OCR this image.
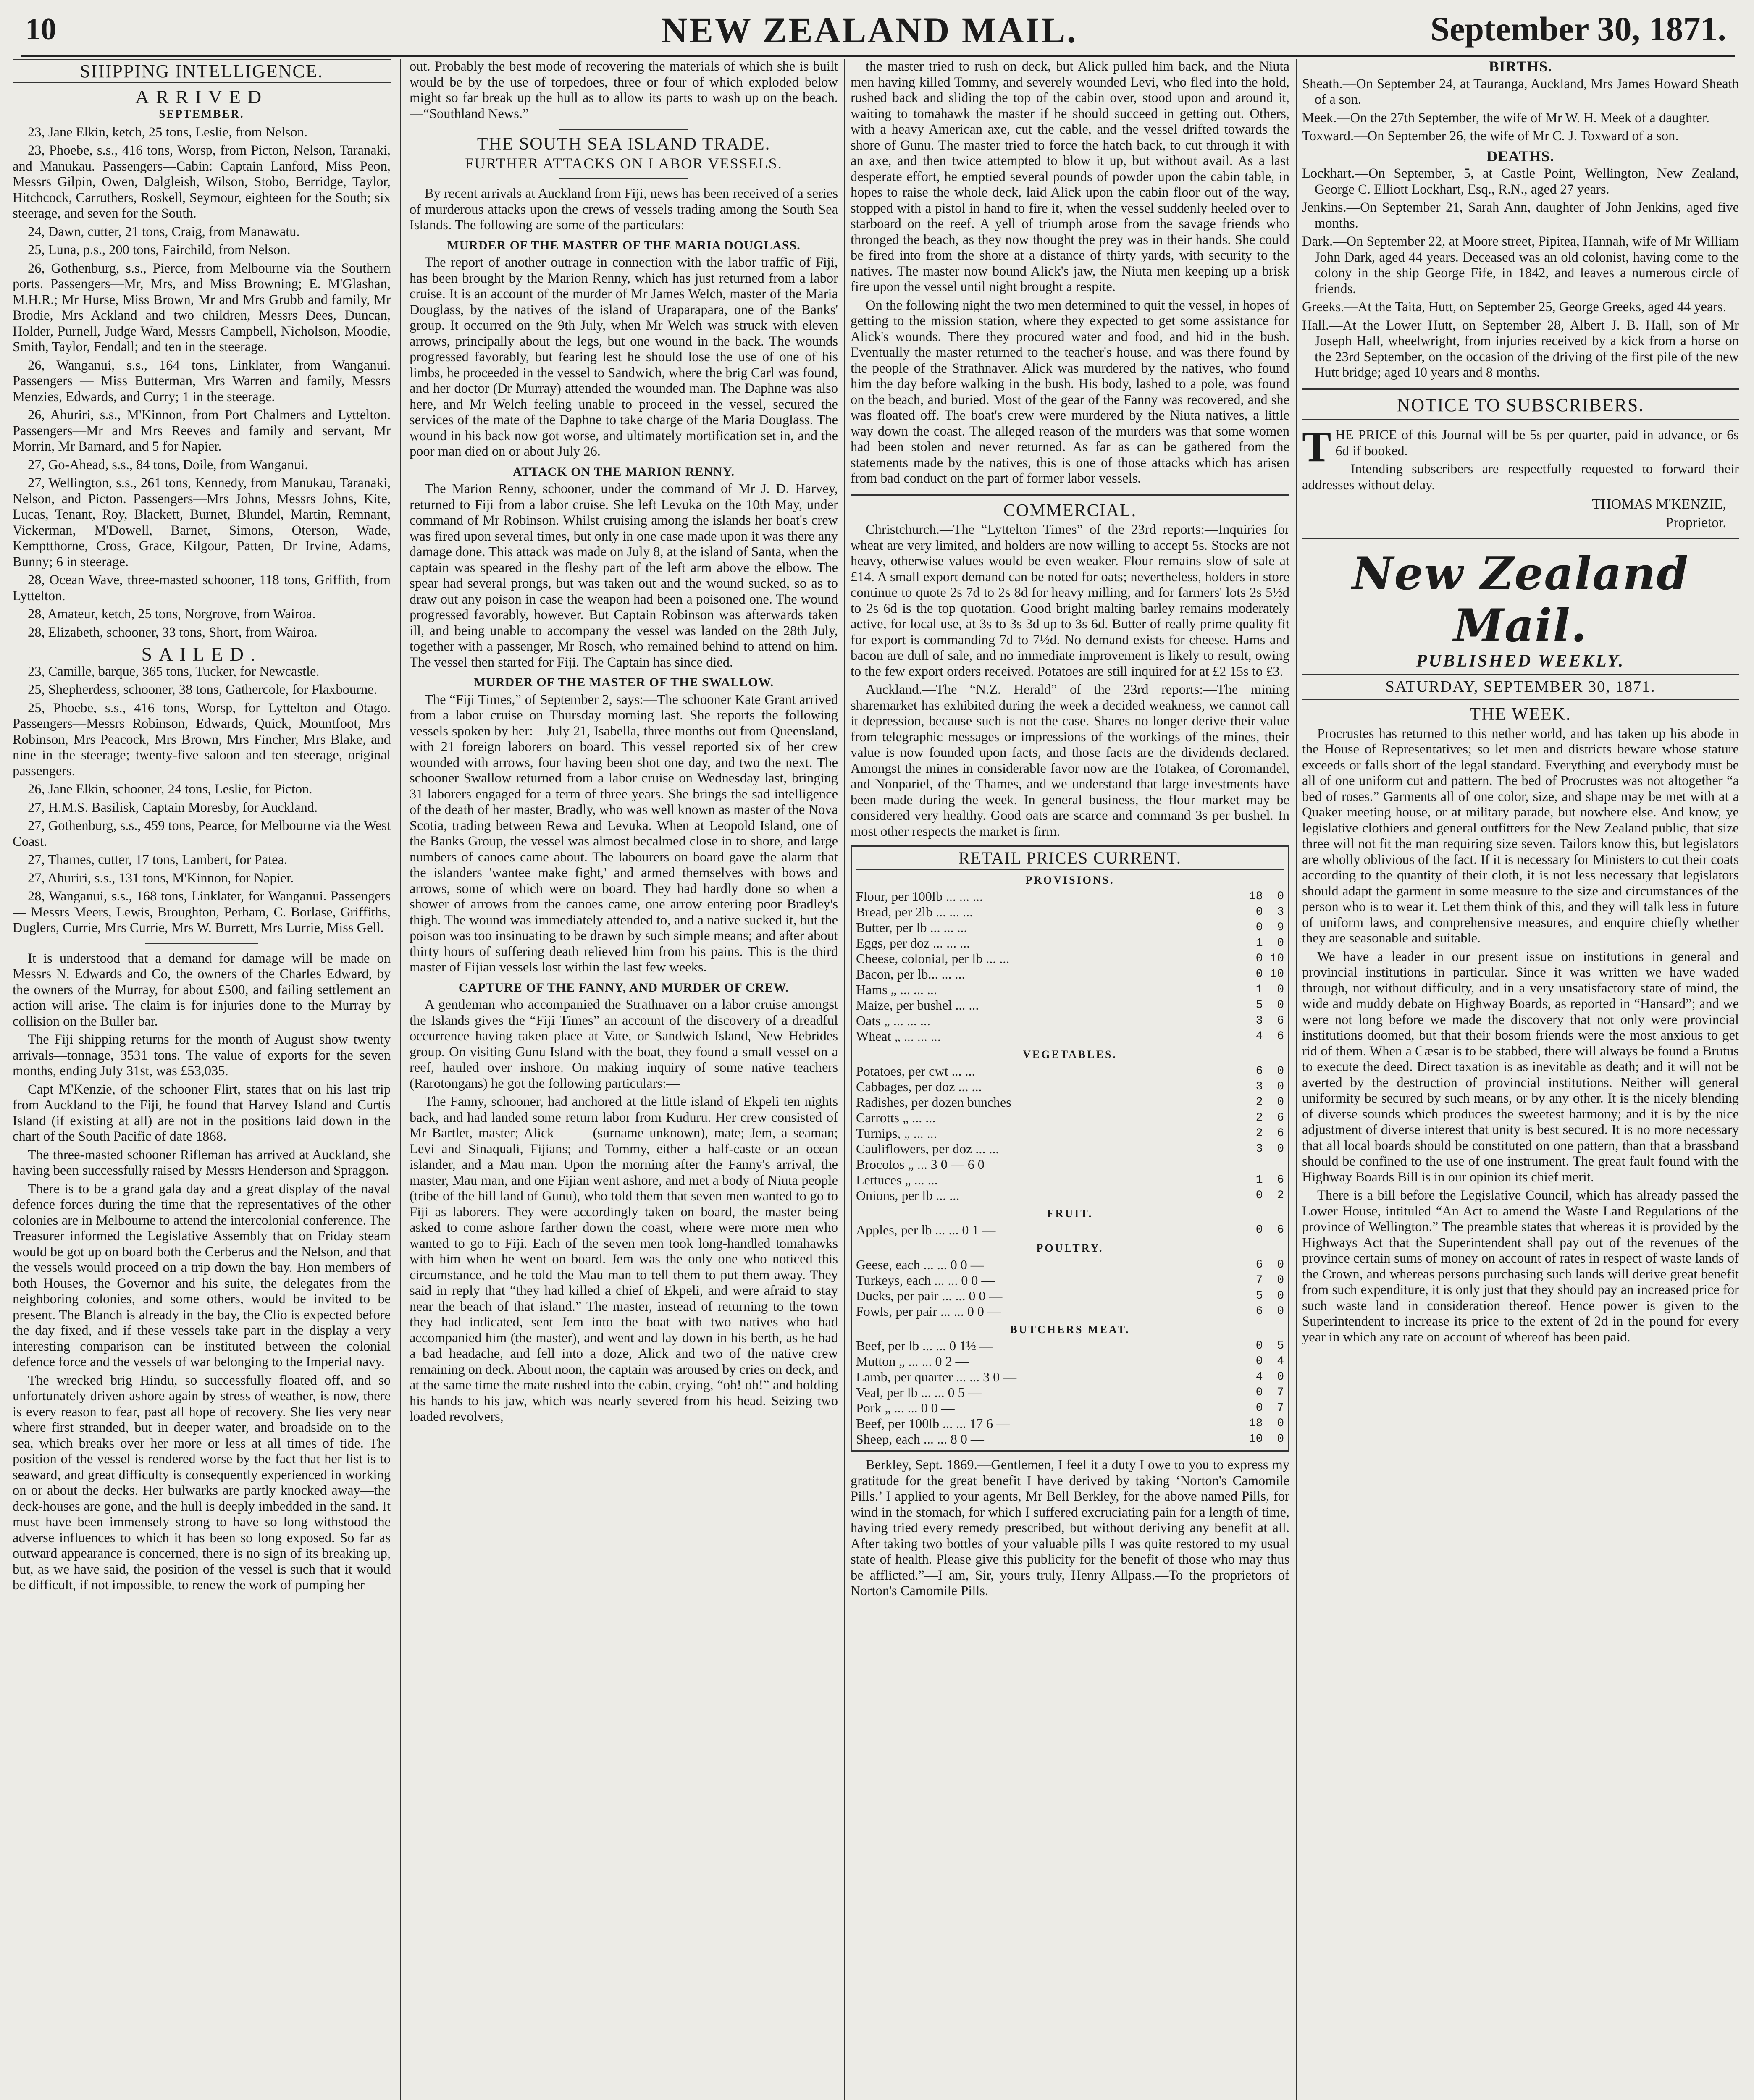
10	NEW ZEALAND MAIL.	September 30, 1871.
SHIPPING INTELLIGENCE.
ARRIVED
SEPTEMBER.

23, Jane Elkin, ketch, 25 tons, Leslie, from Nelson.

23, Phoebe, s.s., 416 tons, Worsp, from Picton, Nelson, Taranaki, and Manukau. Passengers—Cabin: Captain Lanford, Miss Peon, Messrs Gilpin, Owen, Dalgleish, Wilson, Stobo, Berridge, Taylor, Hitchcock, Carruthers, Roskell, Seymour, eighteen for the South; six steerage, and seven for the South.

24, Dawn, cutter, 21 tons, Craig, from Manawatu.

25, Luna, p.s., 200 tons, Fairchild, from Nelson.

26, Gothenburg, s.s., Pierce, from Melbourne via the Southern ports. Passengers—Mr, Mrs, and Miss Browning; E. M'Glashan, M.H.R.; Mr Hurse, Miss Brown, Mr and Mrs Grubb and family, Mr Brodie, Mrs Ackland and two children, Messrs Dees, Duncan, Holder, Purnell, Judge Ward, Messrs Campbell, Nicholson, Moodie, Smith, Taylor, Fendall; and ten in the steerage.

26, Wanganui, s.s., 164 tons, Linklater, from Wanganui. Passengers — Miss Butterman, Mrs Warren and family, Messrs Menzies, Edwards, and Curry; 1 in the steerage.

26, Ahuriri, s.s., M'Kinnon, from Port Chalmers and Lyttelton. Passengers—Mr and Mrs Reeves and family and servant, Mr Morrin, Mr Barnard, and 5 for Napier.

27, Go-Ahead, s.s., 84 tons, Doile, from Wanganui.

27, Wellington, s.s., 261 tons, Kennedy, from Manukau, Taranaki, Nelson, and Picton. Passengers—Mrs Johns, Messrs Johns, Kite, Lucas, Tenant, Roy, Blackett, Burnet, Blundel, Martin, Remnant, Vickerman, M'Dowell, Barnet, Simons, Oterson, Wade, Kemptthorne, Cross, Grace, Kilgour, Patten, Dr Irvine, Adams, Bunny; 6 in steerage.

28, Ocean Wave, three-masted schooner, 118 tons, Griffith, from Lyttelton.

28, Amateur, ketch, 25 tons, Norgrove, from Wairoa.

28, Elizabeth, schooner, 33 tons, Short, from Wairoa.

SAILED.

23, Camille, barque, 365 tons, Tucker, for Newcastle.

25, Shepherdess, schooner, 38 tons, Gathercole, for Flaxbourne.

25, Phoebe, s.s., 416 tons, Worsp, for Lyttelton and Otago. Passengers—Messrs Robinson, Edwards, Quick, Mountfoot, Mrs Robinson, Mrs Peacock, Mrs Brown, Mrs Fincher, Mrs Blake, and nine in the steerage; twenty-five saloon and ten steerage, original passengers.

26, Jane Elkin, schooner, 24 tons, Leslie, for Picton.

27, H.M.S. Basilisk, Captain Moresby, for Auckland.

27, Gothenburg, s.s., 459 tons, Pearce, for Melbourne via the West Coast.

27, Thames, cutter, 17 tons, Lambert, for Patea.

27, Ahuriri, s.s., 131 tons, M'Kinnon, for Napier.

28, Wanganui, s.s., 168 tons, Linklater, for Wanganui. Passengers — Messrs Meers, Lewis, Broughton, Perham, C. Borlase, Griffiths, Duglers, Currie, Mrs Currie, Mrs W. Burrett, Mrs Lurrie, Miss Gell.

It is understood that a demand for damage will be made on Messrs N. Edwards and Co, the owners of the Charles Edward, by the owners of the Murray, for about £500, and failing settlement an action will arise. The claim is for injuries done to the Murray by collision on the Buller bar.

The Fiji shipping returns for the month of August show twenty arrivals—tonnage, 3531 tons. The value of exports for the seven months, ending July 31st, was £53,035.

Capt M'Kenzie, of the schooner Flirt, states that on his last trip from Auckland to the Fiji, he found that Harvey Island and Curtis Island (if existing at all) are not in the positions laid down in the chart of the South Pacific of date 1868.

The three-masted schooner Rifleman has arrived at Auckland, she having been successfully raised by Messrs Henderson and Spraggon.

There is to be a grand gala day and a great display of the naval defence forces during the time that the representatives of the other colonies are in Melbourne to attend the intercolonial conference. The Treasurer informed the Legislative Assembly that on Friday steam would be got up on board both the Cerberus and the Nelson, and that the vessels would proceed on a trip down the bay. Hon members of both Houses, the Governor and his suite, the delegates from the neighboring colonies, and some others, would be invited to be present. The Blanch is already in the bay, the Clio is expected before the day fixed, and if these vessels take part in the display a very interesting comparison can be instituted between the colonial defence force and the vessels of war belonging to the Imperial navy.

The wrecked brig Hindu, so successfully floated off, and so unfortunately driven ashore again by stress of weather, is now, there is every reason to fear, past all hope of recovery. She lies very near where first stranded, but in deeper water, and broadside on to the sea, which breaks over her more or less at all times of tide. The position of the vessel is rendered worse by the fact that her list is to seaward, and great difficulty is consequently experienced in working on or about the decks. Her bulwarks are partly knocked away—the deck-houses are gone, and the hull is deeply imbedded in the sand. It must have been immensely strong to have so long withstood the adverse influences to which it has been so long exposed. So far as outward appearance is concerned, there is no sign of its breaking up, but, as we have said, the position of the vessel is such that it would be difficult, if not impossible, to renew the work of pumping her

out. Probably the best mode of recovering the materials of which she is built would be by the use of torpedoes, three or four of which exploded below might so far break up the hull as to allow its parts to wash up on the beach.—“Southland News.”

THE SOUTH SEA ISLAND TRADE.
FURTHER ATTACKS ON LABOR VESSELS.

By recent arrivals at Auckland from Fiji, news has been received of a series of murderous attacks upon the crews of vessels trading among the South Sea Islands. The following are some of the particulars:—

MURDER OF THE MASTER OF THE MARIA DOUGLASS.

The report of another outrage in connection with the labor traffic of Fiji, has been brought by the Marion Renny, which has just returned from a labor cruise. It is an account of the murder of Mr James Welch, master of the Maria Douglass, by the natives of the island of Uraparapara, one of the Banks' group. It occurred on the 9th July, when Mr Welch was struck with eleven arrows, principally about the legs, but one wound in the back. The wounds progressed favorably, but fearing lest he should lose the use of one of his limbs, he proceeded in the vessel to Sandwich, where the brig Carl was found, and her doctor (Dr Murray) attended the wounded man. The Daphne was also here, and Mr Welch feeling unable to proceed in the vessel, secured the services of the mate of the Daphne to take charge of the Maria Douglass. The wound in his back now got worse, and ultimately mortification set in, and the poor man died on or about July 26.

ATTACK ON THE MARION RENNY.

The Marion Renny, schooner, under the command of Mr J. D. Harvey, returned to Fiji from a labor cruise. She left Levuka on the 10th May, under command of Mr Robinson. Whilst cruising among the islands her boat's crew was fired upon several times, but only in one case made upon it was there any damage done. This attack was made on July 8, at the island of Santa, when the captain was speared in the fleshy part of the left arm above the elbow. The spear had several prongs, but was taken out and the wound sucked, so as to draw out any poison in case the weapon had been a poisoned one. The wound progressed favorably, however. But Captain Robinson was afterwards taken ill, and being unable to accompany the vessel was landed on the 28th July, together with a passenger, Mr Rosch, who remained behind to attend on him. The vessel then started for Fiji. The Captain has since died.

MURDER OF THE MASTER OF THE SWALLOW.

The “Fiji Times,” of September 2, says:—The schooner Kate Grant arrived from a labor cruise on Thursday morning last. She reports the following vessels spoken by her:—July 21, Isabella, three months out from Queensland, with 21 foreign laborers on board. This vessel reported six of her crew wounded with arrows, four having been shot one day, and two the next. The schooner Swallow returned from a labor cruise on Wednesday last, bringing 31 laborers engaged for a term of three years. She brings the sad intelligence of the death of her master, Bradly, who was well known as master of the Nova Scotia, trading between Rewa and Levuka. When at Leopold Island, one of the Banks Group, the vessel was almost becalmed close in to shore, and large numbers of canoes came about. The labourers on board gave the alarm that the islanders 'wantee make fight,' and armed themselves with bows and arrows, some of which were on board. They had hardly done so when a shower of arrows from the canoes came, one arrow entering poor Bradley's thigh. The wound was immediately attended to, and a native sucked it, but the poison was too insinuating to be drawn by such simple means; and after about thirty hours of suffering death relieved him from his pains. This is the third master of Fijian vessels lost within the last few weeks.

CAPTURE OF THE FANNY, AND MURDER OF CREW.

A gentleman who accompanied the Strathnaver on a labor cruise amongst the Islands gives the “Fiji Times” an account of the discovery of a dreadful occurrence having taken place at Vate, or Sandwich Island, New Hebrides group. On visiting Gunu Island with the boat, they found a small vessel on a reef, hauled over inshore. On making inquiry of some native teachers (Rarotongans) he got the following particulars:—

The Fanny, schooner, had anchored at the little island of Ekpeli ten nights back, and had landed some return labor from Kuduru. Her crew consisted of Mr Bartlet, master; Alick —— (surname unknown), mate; Jem, a seaman; Levi and Sinaquali, Fijians; and Tommy, either a half-caste or an ocean islander, and a Mau man. Upon the morning after the Fanny's arrival, the master, Mau man, and one Fijian went ashore, and met a body of Niuta people (tribe of the hill land of Gunu), who told them that seven men wanted to go to Fiji as laborers. They were accordingly taken on board, the master being asked to come ashore farther down the coast, where were more men who wanted to go to Fiji. Each of the seven men took long-handled tomahawks with him when he went on board. Jem was the only one who noticed this circumstance, and he told the Mau man to tell them to put them away. They said in reply that “they had killed a chief of Ekpeli, and were afraid to stay near the beach of that island.” The master, instead of returning to the town they had indicated, sent Jem into the boat with two natives who had accompanied him (the master), and went and lay down in his berth, as he had a bad headache, and fell into a doze, Alick and two of the native crew remaining on deck. About noon, the captain was aroused by cries on deck, and at the same time the mate rushed into the cabin, crying, “oh! oh!” and holding his hands to his jaw, which was nearly severed from his head. Seizing two loaded revolvers,

the master tried to rush on deck, but Alick pulled him back, and the Niuta men having killed Tommy, and severely wounded Levi, who fled into the hold, rushed back and sliding the top of the cabin over, stood upon and around it, waiting to tomahawk the master if he should succeed in getting out. Others, with a heavy American axe, cut the cable, and the vessel drifted towards the shore of Gunu. The master tried to force the hatch back, to cut through it with an axe, and then twice attempted to blow it up, but without avail. As a last desperate effort, he emptied several pounds of powder upon the cabin table, in hopes to raise the whole deck, laid Alick upon the cabin floor out of the way, stopped with a pistol in hand to fire it, when the vessel suddenly heeled over to starboard on the reef. A yell of triumph arose from the savage friends who thronged the beach, as they now thought the prey was in their hands. She could be fired into from the shore at a distance of thirty yards, with security to the natives. The master now bound Alick's jaw, the Niuta men keeping up a brisk fire upon the vessel until night brought a respite.

On the following night the two men determined to quit the vessel, in hopes of getting to the mission station, where they expected to get some assistance for Alick's wounds. There they procured water and food, and hid in the bush. Eventually the master returned to the teacher's house, and was there found by the people of the Strathnaver. Alick was murdered by the natives, who found him the day before walking in the bush. His body, lashed to a pole, was found on the beach, and buried. Most of the gear of the Fanny was recovered, and she was floated off. The boat's crew were murdered by the Niuta natives, a little way down the coast. The alleged reason of the murders was that some women had been stolen and never returned. As far as can be gathered from the statements made by the natives, this is one of those attacks which has arisen from bad conduct on the part of former labor vessels.

COMMERCIAL.

Christchurch.—The “Lyttelton Times” of the 23rd reports:—Inquiries for wheat are very limited, and holders are now willing to accept 5s. Stocks are not heavy, otherwise values would be even weaker. Flour remains slow of sale at £14. A small export demand can be noted for oats; nevertheless, holders in store continue to quote 2s 7d to 2s 8d for heavy milling, and for farmers' lots 2s 5½d to 2s 6d is the top quotation. Good bright malting barley remains moderately active, for local use, at 3s to 3s 3d up to 3s 6d. Butter of really prime quality fit for export is commanding 7d to 7½d. No demand exists for cheese. Hams and bacon are dull of sale, and no immediate improvement is likely to result, owing to the few export orders received. Potatoes are still inquired for at £2 15s to £3.

Auckland.—The “N.Z. Herald” of the 23rd reports:—The mining sharemarket has exhibited during the week a decided weakness, we cannot call it depression, because such is not the case. Shares no longer derive their value from telegraphic messages or impressions of the workings of the mines, their value is now founded upon facts, and those facts are the dividends declared. Amongst the mines in considerable favor now are the Totakea, of Coromandel, and Nonpariel, of the Thames, and we understand that large investments have been made during the week. In general business, the flour market may be considered very healthy. Good oats are scarce and command 3s per bushel. In most other respects the market is firm.

RETAIL PRICES CURRENT.
PROVISIONS.
Flour, per 100lb ... ... ...	18  0
Bread, per 2lb ... ... ...	0  3
Butter, per lb ... ... ...	0  9
Eggs, per doz ... ... ...	1  0
Cheese, colonial, per lb ... ...	0 10
Bacon, per lb... ... ...	0 10
Hams „ ... ... ...	1  0
Maize, per bushel ... ...	5  0
Oats „ ... ... ...	3  6
Wheat „ ... ... ...	4  6
VEGETABLES.
Potatoes, per cwt ... ...	6  0
Cabbages, per doz ... ...	3  0
Radishes, per dozen bunches	2  0
Carrotts „ ... ...	2  6
Turnips, „ ... ...	2  6
Cauliflowers, per doz ... ...	3  0
Brocolos „ ... 3 0 — 6 0
Lettuces „ ... ...	1  6
Onions, per lb ... ...	0  2
FRUIT.
Apples, per lb ... ... 0 1 —	0  6
POULTRY.
Geese, each ... ... 0 0 —	6  0
Turkeys, each ... ... 0 0 —	7  0
Ducks, per pair ... ... 0 0 —	5  0
Fowls, per pair ... ... 0 0 —	6  0
BUTCHERS MEAT.
Beef, per lb ... ... 0 1½ —	0  5
Mutton „ ... ... 0 2 —	0  4
Lamb, per quarter ... ... 3 0 —	4  0
Veal, per lb ... ... 0 5 —	0  7
Pork „ ... ... 0 0 —	0  7
Beef, per 100lb ... ... 17 6 —	18  0
Sheep, each ... ... 8 0 —	10  0

Berkley, Sept. 1869.—Gentlemen, I feel it a duty I owe to you to express my gratitude for the great benefit I have derived by taking ‘Norton's Camomile Pills.’ I applied to your agents, Mr Bell Berkley, for the above named Pills, for wind in the stomach, for which I suffered excruciating pain for a length of time, having tried every remedy prescribed, but without deriving any benefit at all. After taking two bottles of your valuable pills I was quite restored to my usual state of health. Please give this publicity for the benefit of those who may thus be afflicted.”—I am, Sir, yours truly, Henry Allpass.—To the proprietors of Norton's Camomile Pills.

BIRTHS.

Sheath.—On September 24, at Tauranga, Auckland, Mrs James Howard Sheath of a son.

Meek.—On the 27th September, the wife of Mr W. H. Meek of a daughter.

Toxward.—On September 26, the wife of Mr C. J. Toxward of a son.

DEATHS.

Lockhart.—On September, 5, at Castle Point, Wellington, New Zealand, George C. Elliott Lockhart, Esq., R.N., aged 27 years.

Jenkins.—On September 21, Sarah Ann, daughter of John Jenkins, aged five months.

Dark.—On September 22, at Moore street, Pipitea, Hannah, wife of Mr William John Dark, aged 44 years. Deceased was an old colonist, having come to the colony in the ship George Fife, in 1842, and leaves a numerous circle of friends.

Greeks.—At the Taita, Hutt, on September 25, George Greeks, aged 44 years.

Hall.—At the Lower Hutt, on September 28, Albert J. B. Hall, son of Mr Joseph Hall, wheelwright, from injuries received by a kick from a horse on the 23rd September, on the occasion of the driving of the first pile of the new Hutt bridge; aged 10 years and 8 months.

NOTICE TO SUBSCRIBERS.

THE PRICE of this Journal will be 5s per quarter, paid in advance, or 6s 6d if booked.

Intending subscribers are respectfully requested to forward their addresses without delay.

THOMAS M'KENZIE,
Proprietor.
New Zealand Mail.
PUBLISHED WEEKLY.
SATURDAY, SEPTEMBER 30, 1871.
THE WEEK.

Procrustes has returned to this nether world, and has taken up his abode in the House of Representatives; so let men and districts beware whose stature exceeds or falls short of the legal standard. Everything and everybody must be all of one uniform cut and pattern. The bed of Procrustes was not altogether “a bed of roses.” Garments all of one color, size, and shape may be met with at a Quaker meeting house, or at military parade, but nowhere else. And know, ye legislative clothiers and general outfitters for the New Zealand public, that size three will not fit the man requiring size seven. Tailors know this, but legislators are wholly oblivious of the fact. If it is necessary for Ministers to cut their coats according to the quantity of their cloth, it is not less necessary that legislators should adapt the garment in some measure to the size and circumstances of the person who is to wear it. Let them think of this, and they will talk less in future of uniform laws, and comprehensive measures, and enquire chiefly whether they are seasonable and suitable.

We have a leader in our present issue on institutions in general and provincial institutions in particular. Since it was written we have waded through, not without difficulty, and in a very unsatisfactory state of mind, the wide and muddy debate on Highway Boards, as reported in “Hansard”; and we were not long before we made the discovery that not only were provincial institutions doomed, but that their bosom friends were the most anxious to get rid of them. When a Cæsar is to be stabbed, there will always be found a Brutus to execute the deed. Direct taxation is as inevitable as death; and it will not be averted by the destruction of provincial institutions. Neither will general uniformity be secured by such means, or by any other. It is the nicely blending of diverse sounds which produces the sweetest harmony; and it is by the nice adjustment of diverse interest that unity is best secured. It is no more necessary that all local boards should be constituted on one pattern, than that a brassband should be confined to the use of one instrument. The great fault found with the Highway Boards Bill is in our opinion its chief merit.

There is a bill before the Legislative Council, which has already passed the Lower House, intituled “An Act to amend the Waste Land Regulations of the province of Wellington.” The preamble states that whereas it is provided by the Highways Act that the Superintendent shall pay out of the revenues of the province certain sums of money on account of rates in respect of waste lands of the Crown, and whereas persons purchasing such lands will derive great benefit from such expenditure, it is only just that they should pay an increased price for such waste land in consideration thereof. Hence power is given to the Superintendent to increase its price to the extent of 2d in the pound for every year in which any rate on account of whereof has been paid.
